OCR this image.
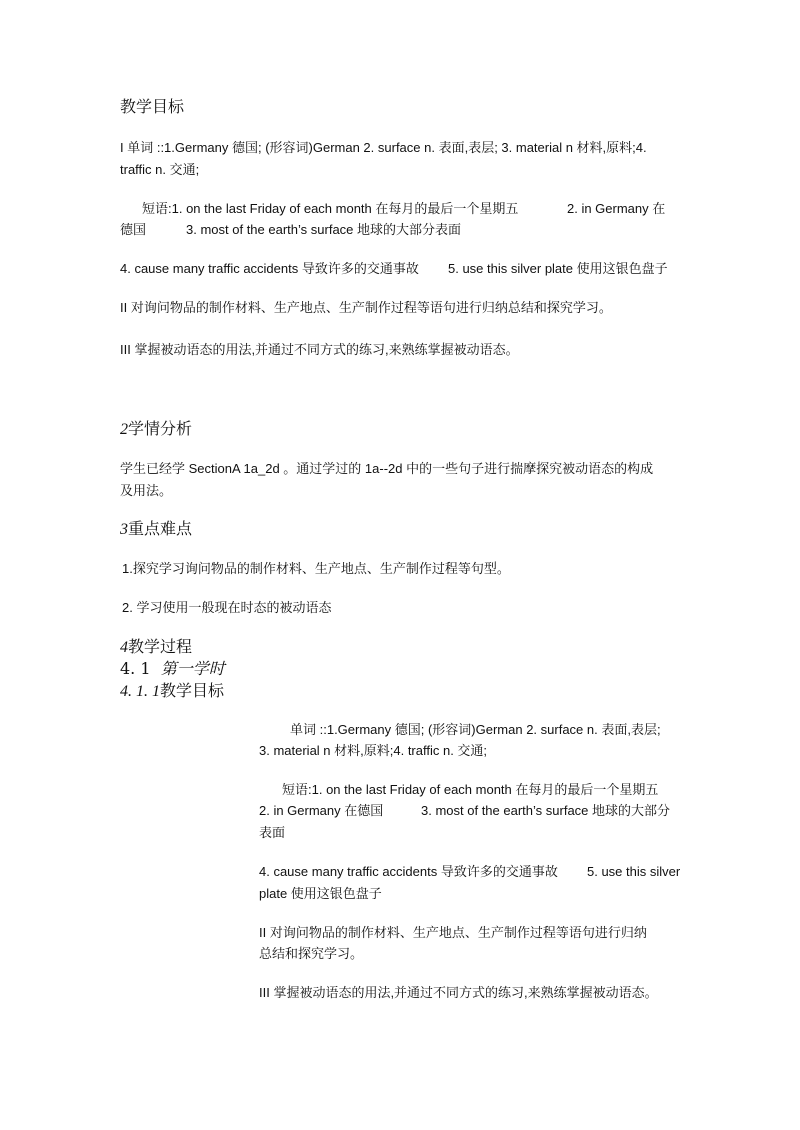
教学目标
I 单词 ::1.Germany 德国; (形容词)German 2. surface n. 表面,表层; 3. material n 材料,原料;4.
traffic n. 交通;
短语:1. on the last Friday of each month 在每月的最后一个星期五	2. in Germany 在
德国	3. most of the earth’s surface 地球的大部分表面
4. cause many traffic accidents 导致许多的交通事故 5. use this silver plate 使用这银色盘子
II 对询问物品的制作材料、生产地点、生产制作过程等语句进行归纳总结和探究学习。
III 掌握被动语态的用法,并通过不同方式的练习,来熟练掌握被动语态。
2学情分析
学生已经学 SectionA 1a_2d 。通过学过的 1a--2d 中的一些句子进行揣摩探究被动语态的构成
及用法。
3重点难点
1.探究学习询问物品的制作材料、生产地点、生产制作过程等句型。
2. 学习使用一般现在时态的被动语态
4教学过程
4. 1 第一学时
4. 1. 1教学目标
单词 ::1.Germany 德国; (形容词)German 2. surface n. 表面,表层;
3. material n 材料,原料;4. traffic n. 交通;
短语:1. on the last Friday of each month 在每月的最后一个星期五
2. in Germany 在德国	3. most of the earth’s surface 地球的大部分
表面
4. cause many traffic accidents 导致许多的交通事故 5. use this silver
plate 使用这银色盘子
II 对询问物品的制作材料、生产地点、生产制作过程等语句进行归纳
总结和探究学习。
III 掌握被动语态的用法,并通过不同方式的练习,来熟练掌握被动语态。
